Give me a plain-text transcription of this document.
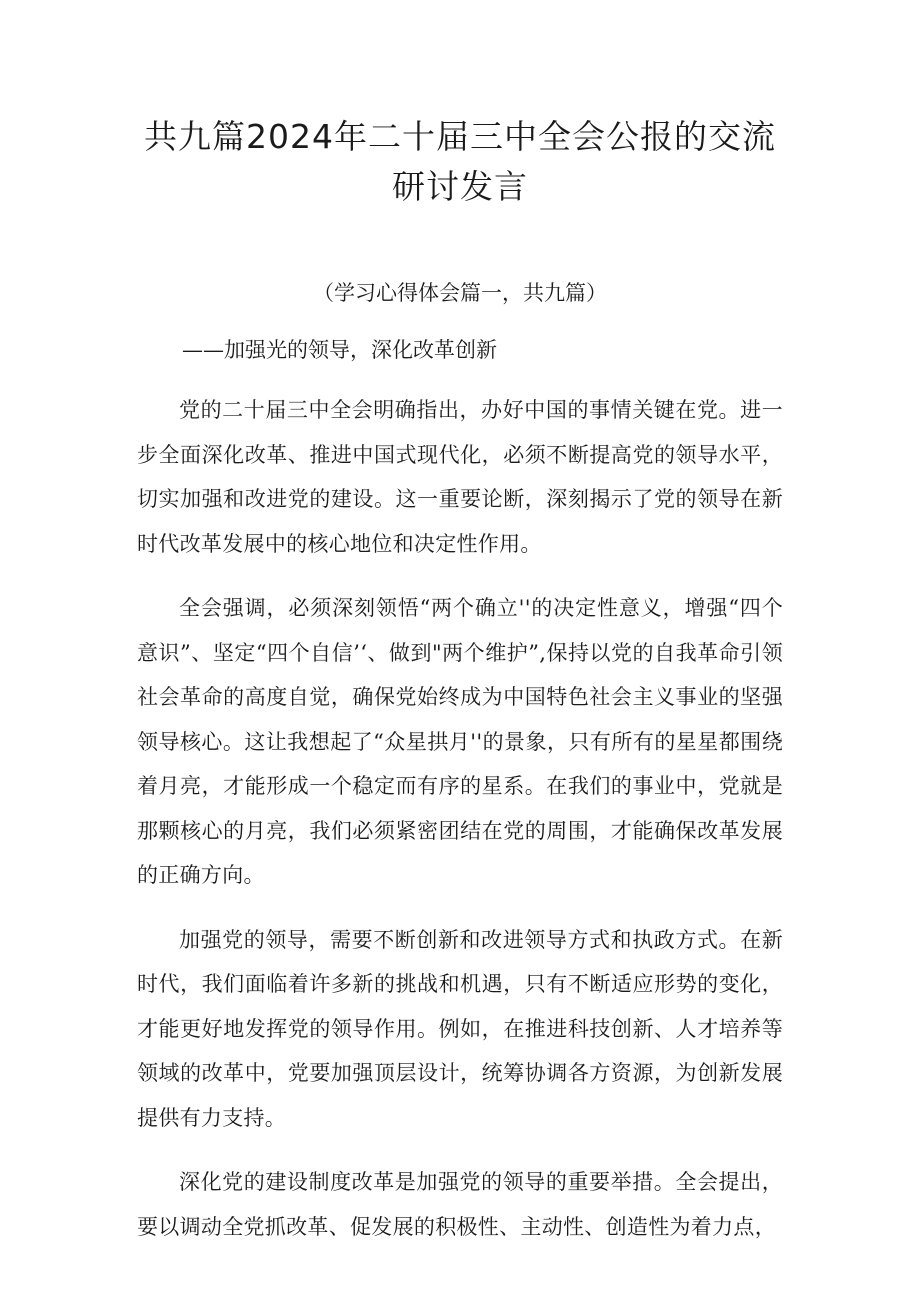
共九篇2024年二十届三中全会公报的交流
研讨发言

（学习心得体会篇一，共九篇）

——加强光的领导，深化改革创新

党的二十届三中全会明确指出，办好中国的事情关键在党。进一步全面深化改革、推进中国式现代化，必须不断提高党的领导水平，切实加强和改进党的建设。这一重要论断，深刻揭示了党的领导在新时代改革发展中的核心地位和决定性作用。

全会强调，必须深刻领悟“两个确立''的决定性意义，增强“四个意识”、坚定“四个自信’‘、做到"两个维护”,保持以党的自我革命引领社会革命的高度自觉，确保党始终成为中国特色社会主义事业的坚强领导核心。这让我想起了“众星拱月''的景象，只有所有的星星都围绕着月亮，才能形成一个稳定而有序的星系。在我们的事业中，党就是那颗核心的月亮，我们必须紧密团结在党的周围，才能确保改革发展的正确方向。

加强党的领导，需要不断创新和改进领导方式和执政方式。在新时代，我们面临着许多新的挑战和机遇，只有不断适应形势的变化，才能更好地发挥党的领导作用。例如，在推进科技创新、人才培养等领域的改革中，党要加强顶层设计，统筹协调各方资源，为创新发展提供有力支持。

深化党的建设制度改革是加强党的领导的重要举措。全会提出，要以调动全党抓改革、促发展的积极性、主动性、创造性为着力点，
